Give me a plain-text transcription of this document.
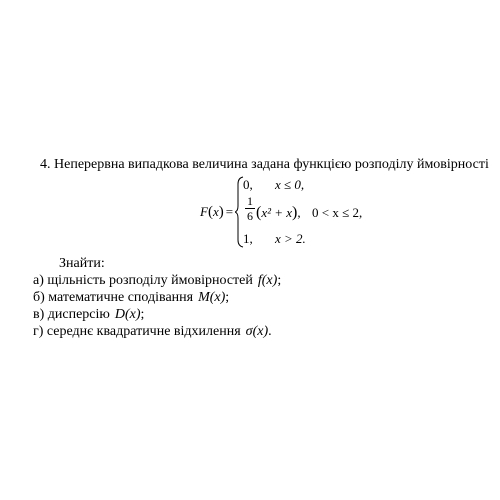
4. Неперервна випадкова величина задана функцією розподілу ймовірності
F(x) =
0, x ≤ 0,
1
6 (x² + x), 0 < x ≤ 2,
1, x > 2.
Знайти:
а) щільність розподілу ймовірностей f(x);
б) математичне сподівання M(x);
в) дисперсію D(x);
г) середнє квадратичне відхилення σ(x).
